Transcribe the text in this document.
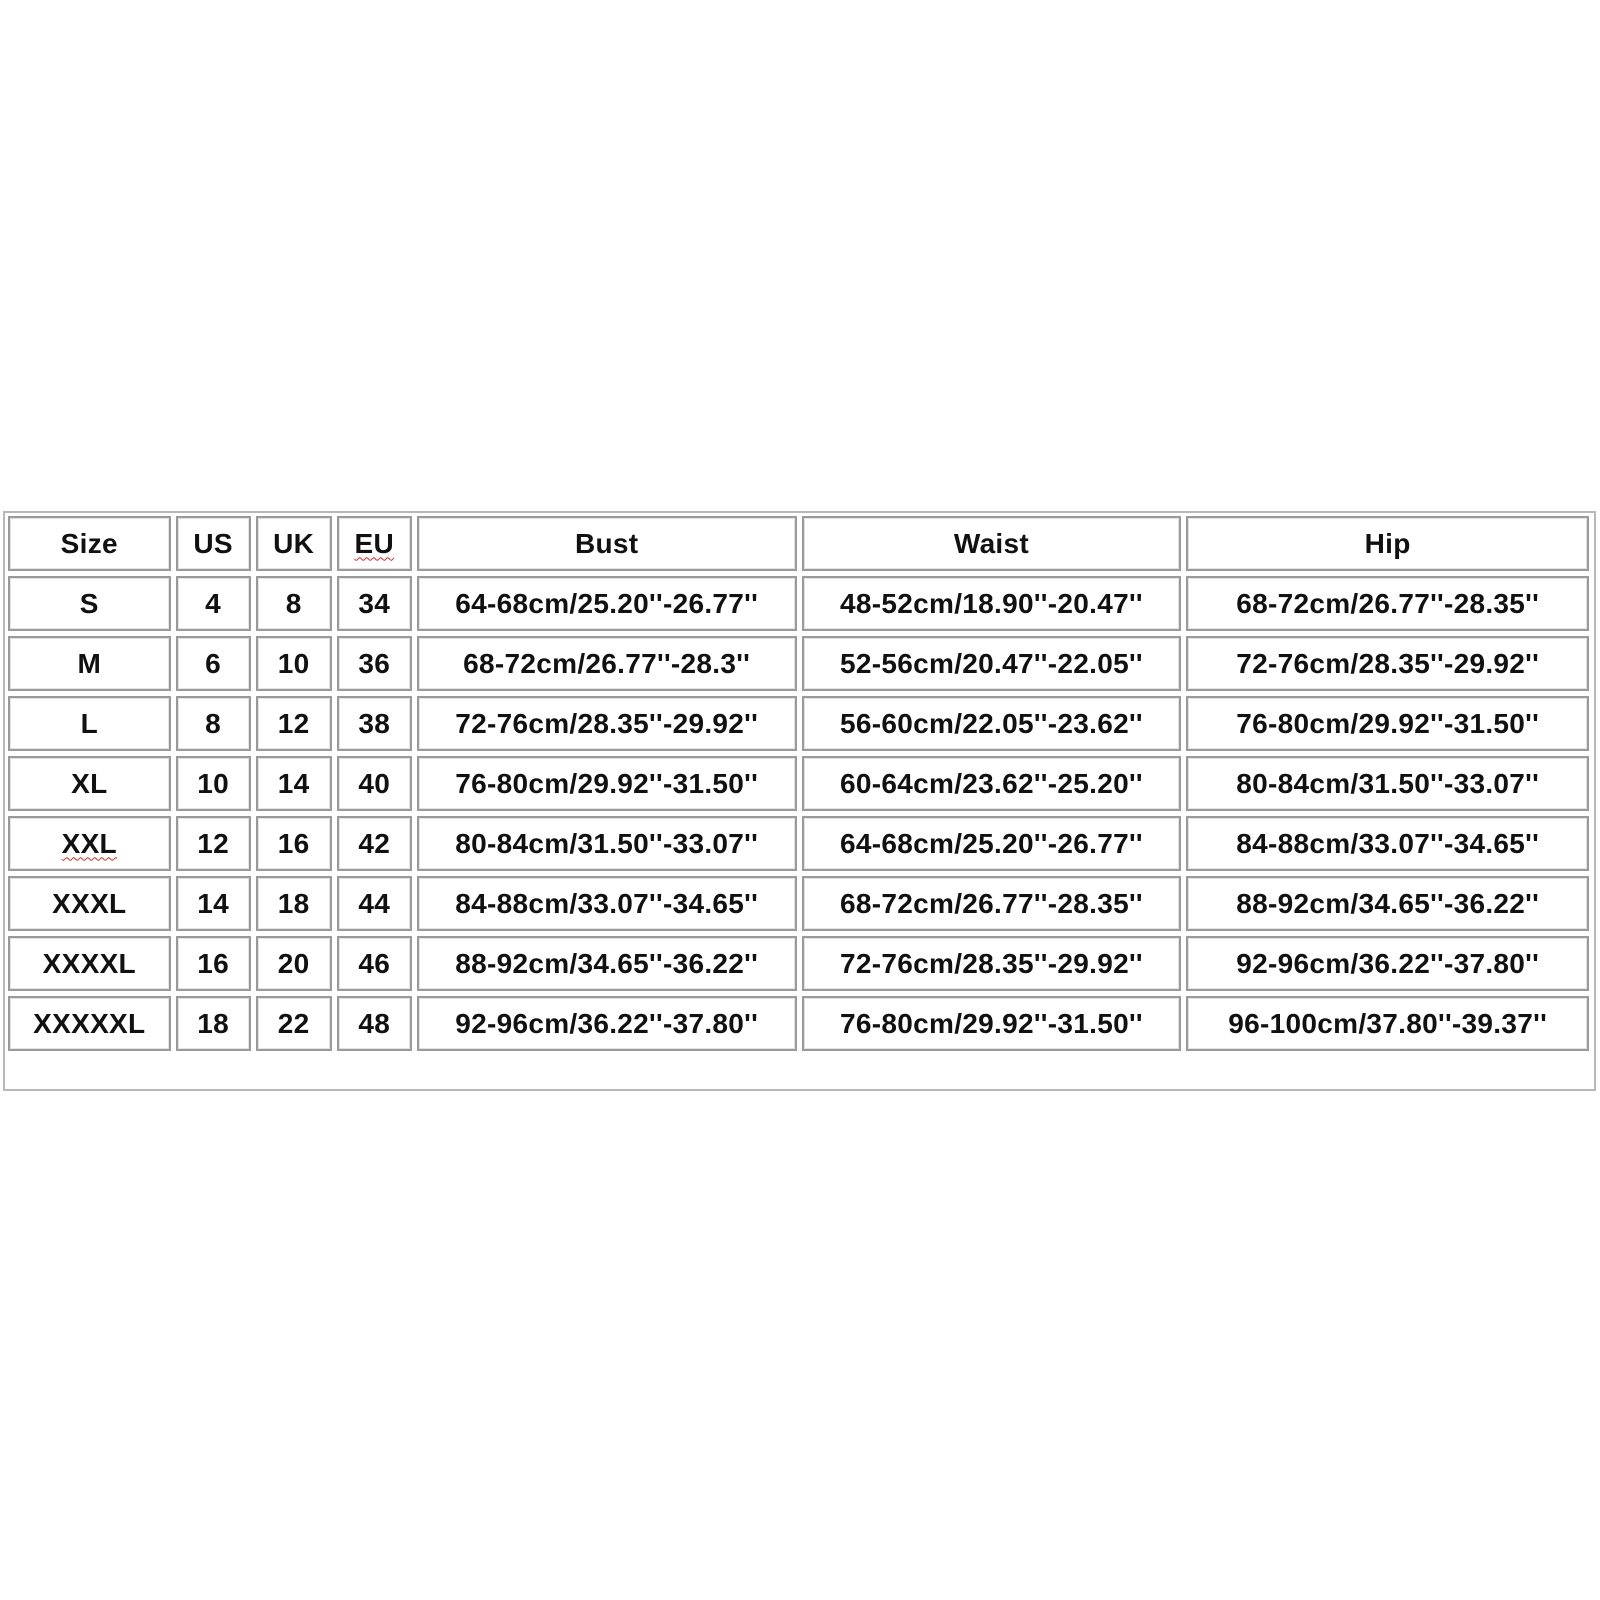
Size	US	UK	EU	Bust	Waist	Hip
S	4	8	34	64-68cm/25.20''-26.77''	48-52cm/18.90''-20.47''	68-72cm/26.77''-28.35''
M	6	10	36	68-72cm/26.77''-28.3''	52-56cm/20.47''-22.05''	72-76cm/28.35''-29.92''
L	8	12	38	72-76cm/28.35''-29.92''	56-60cm/22.05''-23.62''	76-80cm/29.92''-31.50''
XL	10	14	40	76-80cm/29.92''-31.50''	60-64cm/23.62''-25.20''	80-84cm/31.50''-33.07''
XXL	12	16	42	80-84cm/31.50''-33.07''	64-68cm/25.20''-26.77''	84-88cm/33.07''-34.65''
XXXL	14	18	44	84-88cm/33.07''-34.65''	68-72cm/26.77''-28.35''	88-92cm/34.65''-36.22''
XXXXL	16	20	46	88-92cm/34.65''-36.22''	72-76cm/28.35''-29.92''	92-96cm/36.22''-37.80''
XXXXXL	18	22	48	92-96cm/36.22''-37.80''	76-80cm/29.92''-31.50''	96-100cm/37.80''-39.37''
